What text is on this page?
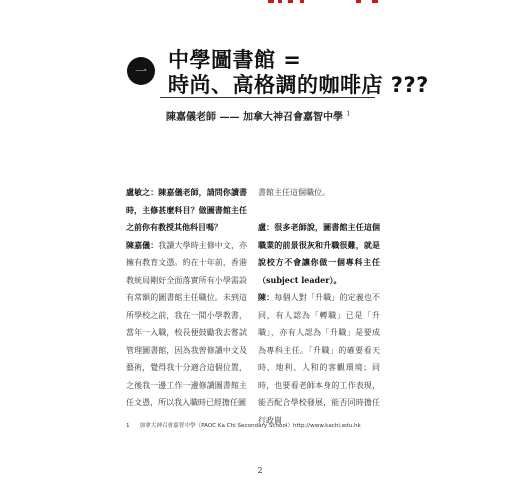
一 中學圖書館 =
時尚、高格調的咖啡店 ???
陳嘉儀老師 —— 加拿大神召會嘉智中學 $^1$

盧敏之：陳嘉儀老師，請問你讀書時，主修甚麼科目？做圖書館主任之前你有教授其他科目嗎？

陳嘉儀：我讀大學時主修中文，亦擁有教育文憑。約在十年前，香港教統局剛好全面落實所有小學需設有常額的圖書館主任職位。未到這所學校之前，我在一間小學教書，當年一入職，校長便鼓勵我去嘗試管理圖書館，因為我曾修讀中文及藝術，覺得我十分適合這個位置，之後我一邊工作一邊修讀圖書館主任文憑，所以我入職時已經擔任圖

書館主任這個職位。

盧：很多老師說，圖書館主任這個職業的前景很灰和升職很難，就是說校方不會讓你做一個專科主任（subject leader）。

陳：每個人對「升職」的定義也不同，有人認為「轉職」已是「升職」，亦有人認為「升職」是要成為專科主任。「升職」的確要看天時、地利、人和的客觀環境；同時，也要看老師本身的工作表現，能否配合學校發展，能否同時擔任行政崗

1 加拿大神召會嘉智中學（PAOC Ka Chi Secondary School）http://www.kachi.edu.hk
2
